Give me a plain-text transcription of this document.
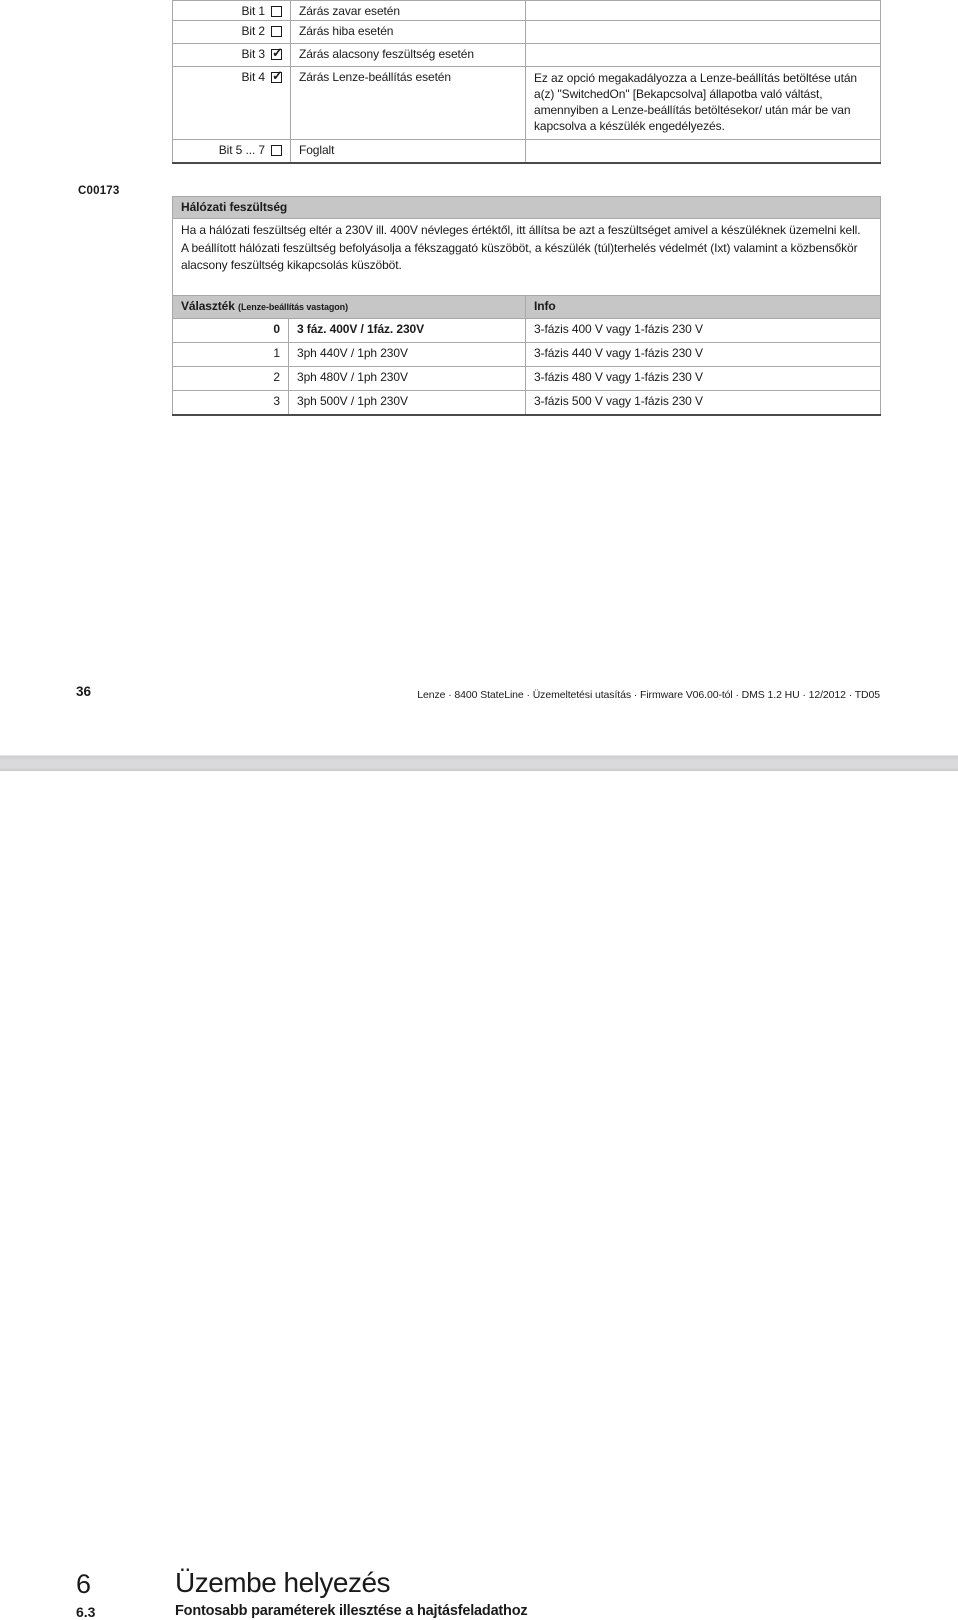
Bit 1	Zárás zavar esetén	

Bit 2	Zárás hiba esetén	

Bit 3 ✓	Zárás alacsony feszültség esetén	

Bit 4 ✓	Zárás Lenze-beállítás esetén	Ez az opció megakadályozza a Lenze-beállítás betöltése után a(z) "SwitchedOn" [Bekapcsolva] állapotba való váltást, amennyiben a Lenze-beállítás betöltésekor/ után már be van kapcsolva a készülék engedélyezés.

Bit 5 ... 7	Foglalt	
C00173
Hálózati feszültség		
Ha a hálózati feszültség eltér a 230V ill. 400V névleges értéktől, itt állítsa be azt a feszültséget amivel a készüléknek üzemelni kell.
A beállított hálózati feszültség befolyásolja a fékszaggató küszöböt, a készülék (túl)terhelés védelmét (Ixt) valamint a közbensőkör alacsony feszültség kikapcsolás küszöböt.		
Választék (Lenze-beállítás vastagon)		Info
0	3 fáz. 400V / 1fáz. 230V	3-fázis 400 V vagy 1-fázis 230 V
1	3ph 440V / 1ph 230V	3-fázis 440 V vagy 1-fázis 230 V
2	3ph 480V / 1ph 230V	3-fázis 480 V vagy 1-fázis 230 V
3	3ph 500V / 1ph 230V	3-fázis 500 V vagy 1-fázis 230 V
36	Lenze · 8400 StateLine · Üzemeltetési utasítás · Firmware V06.00-tól · DMS 1.2 HU · 12/2012 · TD05
6	Üzembe helyezés
6.3	Fontosabb paraméterek illesztése a hajtásfeladathoz
